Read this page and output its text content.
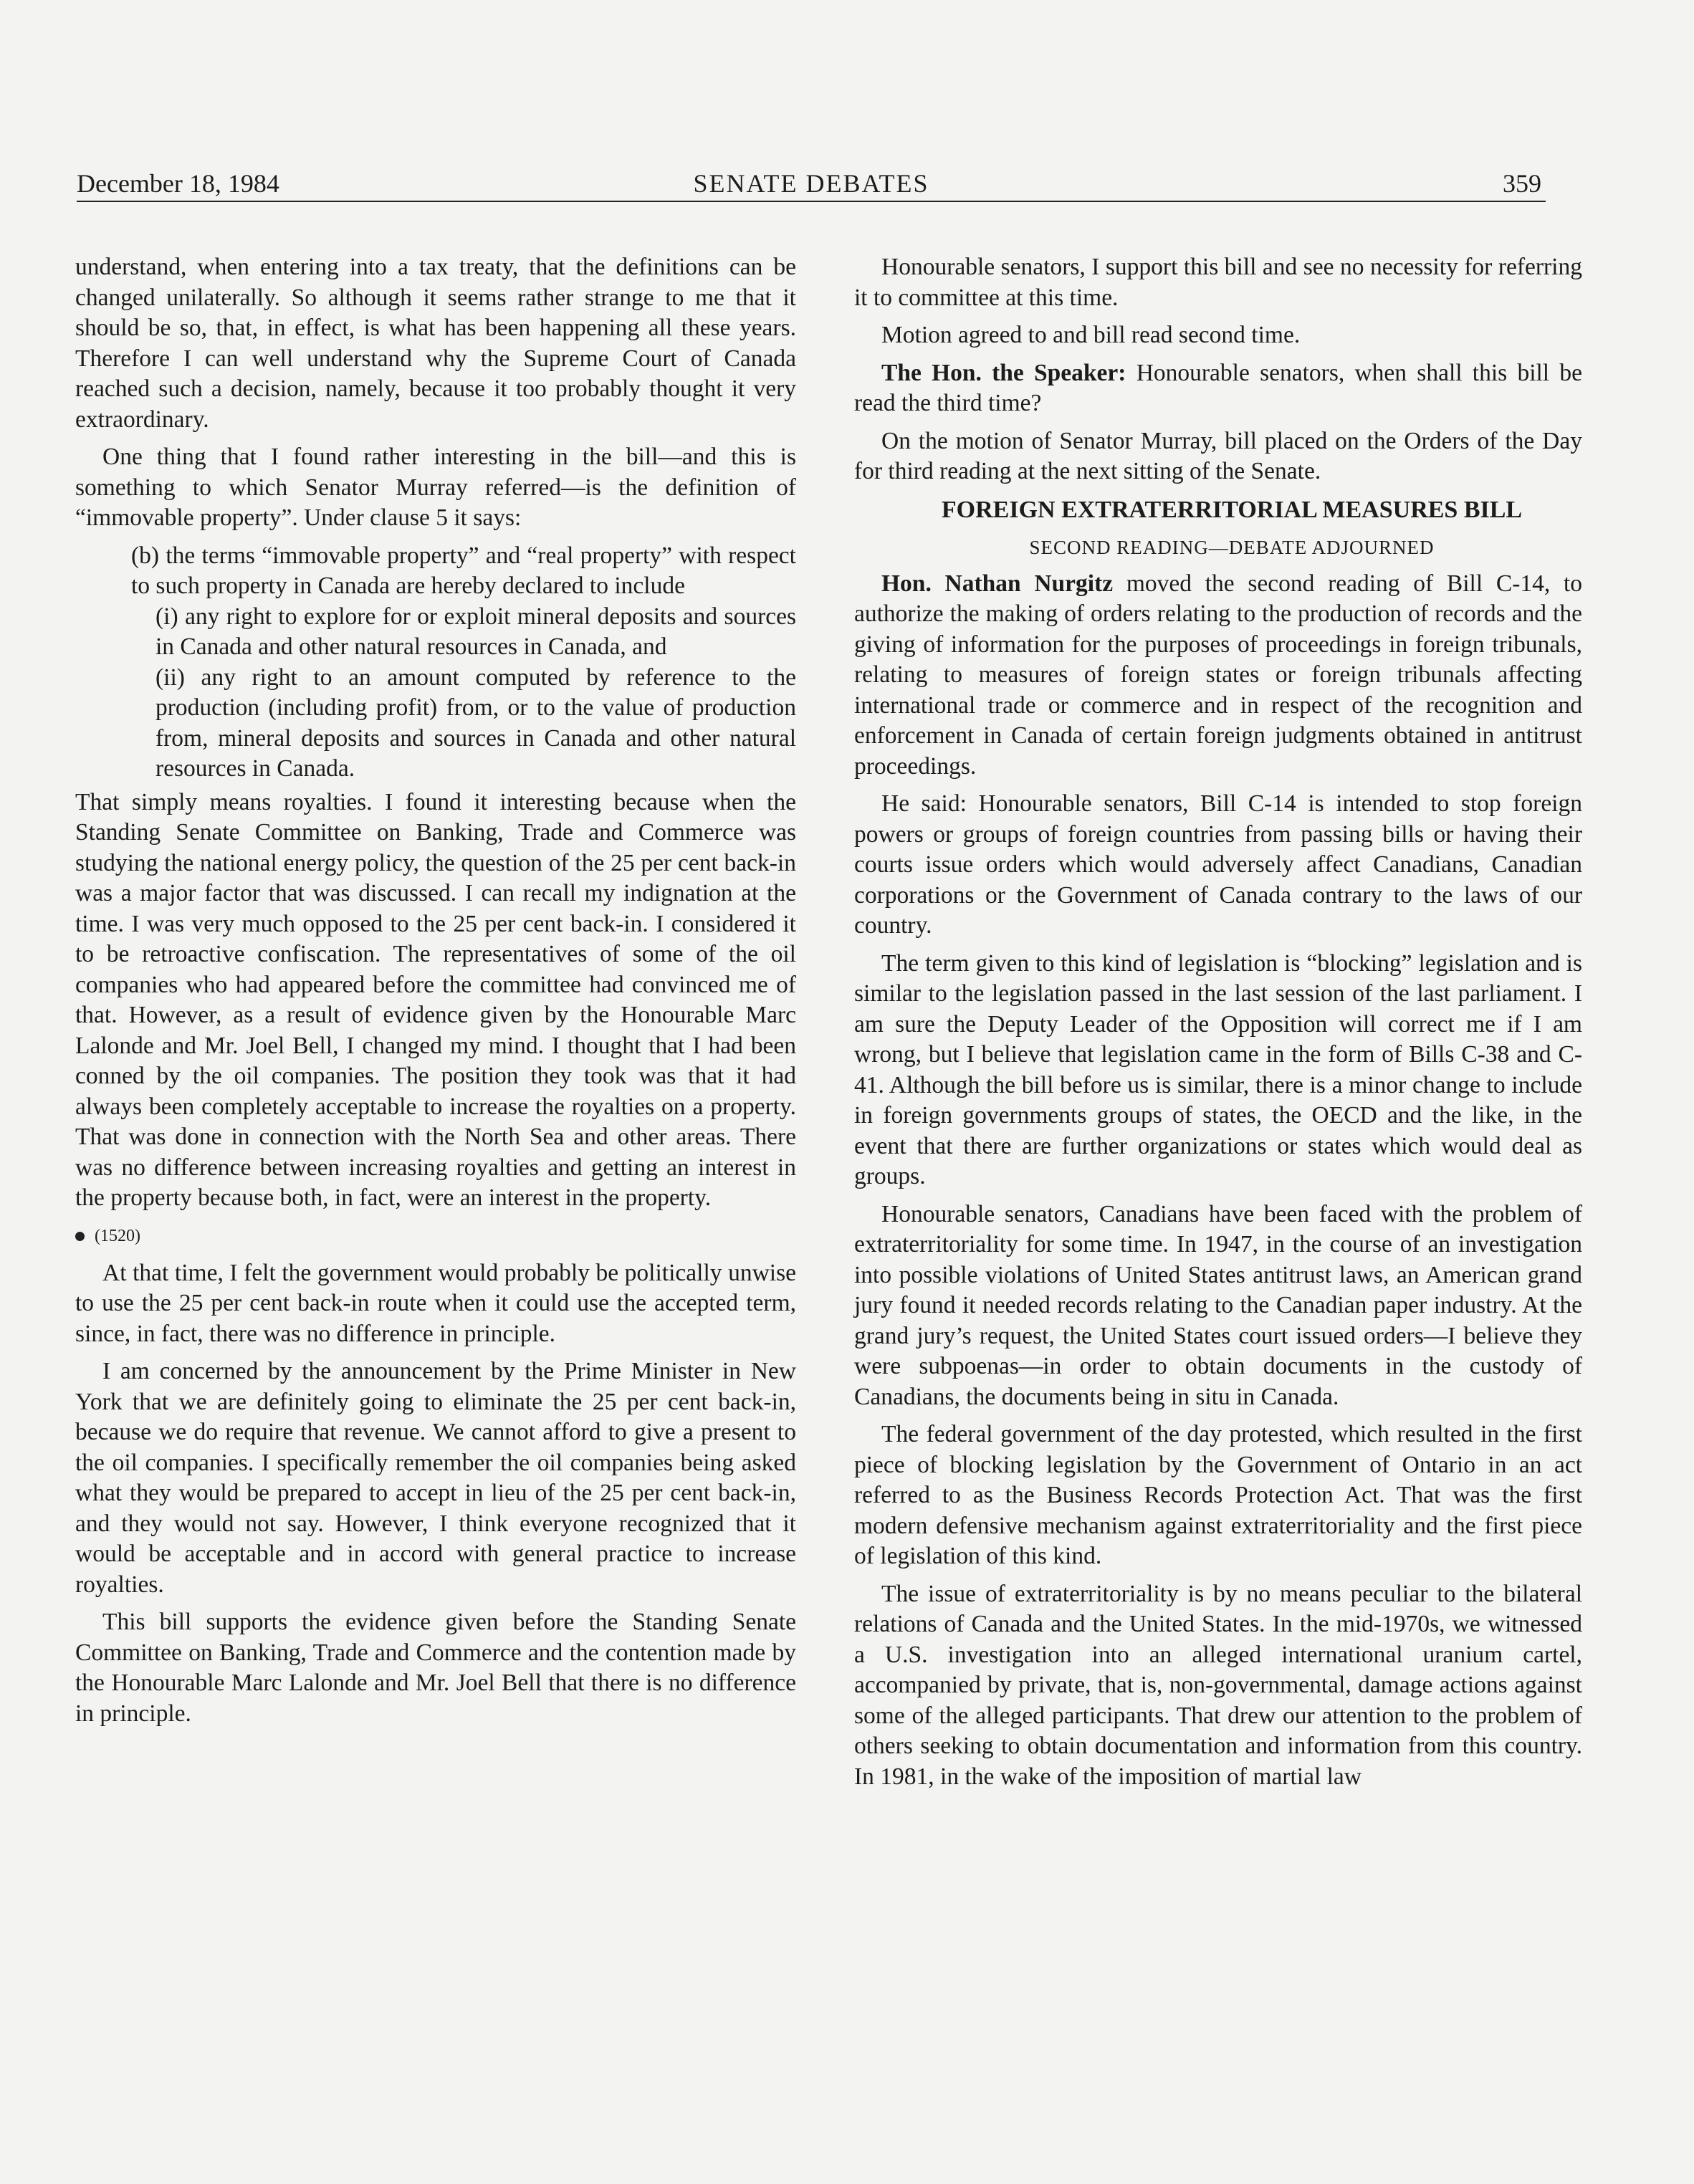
December 18, 1984	SENATE DEBATES	359

understand, when entering into a tax treaty, that the definitions can be changed unilaterally. So although it seems rather strange to me that it should be so, that, in effect, is what has been happening all these years. Therefore I can well understand why the Supreme Court of Canada reached such a decision, namely, because it too probably thought it very extraordinary.

One thing that I found rather interesting in the bill—and this is something to which Senator Murray referred—is the definition of “immovable property”. Under clause 5 it says:

(b) the terms “immovable property” and “real property” with respect to such property in Canada are hereby declared to include

(i) any right to explore for or exploit mineral deposits and sources in Canada and other natural resources in Canada, and

(ii) any right to an amount computed by reference to the production (including profit) from, or to the value of production from, mineral deposits and sources in Canada and other natural resources in Canada.

That simply means royalties. I found it interesting because when the Standing Senate Committee on Banking, Trade and Commerce was studying the national energy policy, the question of the 25 per cent back-in was a major factor that was discussed. I can recall my indignation at the time. I was very much opposed to the 25 per cent back-in. I considered it to be retroactive confiscation. The representatives of some of the oil companies who had appeared before the committee had convinced me of that. However, as a result of evidence given by the Honourable Marc Lalonde and Mr. Joel Bell, I changed my mind. I thought that I had been conned by the oil companies. The position they took was that it had always been completely acceptable to increase the royalties on a property. That was done in connection with the North Sea and other areas. There was no difference between increasing royalties and getting an interest in the property because both, in fact, were an interest in the property.

(1520)

At that time, I felt the government would probably be politically unwise to use the 25 per cent back-in route when it could use the accepted term, since, in fact, there was no difference in principle.

I am concerned by the announcement by the Prime Minister in New York that we are definitely going to eliminate the 25 per cent back-in, because we do require that revenue. We cannot afford to give a present to the oil companies. I specifically remember the oil companies being asked what they would be prepared to accept in lieu of the 25 per cent back-in, and they would not say. However, I think everyone recognized that it would be acceptable and in accord with general practice to increase royalties.

This bill supports the evidence given before the Standing Senate Committee on Banking, Trade and Commerce and the contention made by the Honourable Marc Lalonde and Mr. Joel Bell that there is no difference in principle.

Honourable senators, I support this bill and see no necessity for referring it to committee at this time.

Motion agreed to and bill read second time.

The Hon. the Speaker: Honourable senators, when shall this bill be read the third time?

On the motion of Senator Murray, bill placed on the Orders of the Day for third reading at the next sitting of the Senate.

FOREIGN EXTRATERRITORIAL MEASURES BILL

SECOND READING—DEBATE ADJOURNED

Hon. Nathan Nurgitz moved the second reading of Bill C-14, to authorize the making of orders relating to the production of records and the giving of information for the purposes of proceedings in foreign tribunals, relating to measures of foreign states or foreign tribunals affecting international trade or commerce and in respect of the recognition and enforcement in Canada of certain foreign judgments obtained in antitrust proceedings.

He said: Honourable senators, Bill C-14 is intended to stop foreign powers or groups of foreign countries from passing bills or having their courts issue orders which would adversely affect Canadians, Canadian corporations or the Government of Canada contrary to the laws of our country.

The term given to this kind of legislation is “blocking” legislation and is similar to the legislation passed in the last session of the last parliament. I am sure the Deputy Leader of the Opposition will correct me if I am wrong, but I believe that legislation came in the form of Bills C-38 and C-41. Although the bill before us is similar, there is a minor change to include in foreign governments groups of states, the OECD and the like, in the event that there are further organizations or states which would deal as groups.

Honourable senators, Canadians have been faced with the problem of extraterritoriality for some time. In 1947, in the course of an investigation into possible violations of United States antitrust laws, an American grand jury found it needed records relating to the Canadian paper industry. At the grand jury’s request, the United States court issued orders—I believe they were subpoenas—in order to obtain documents in the custody of Canadians, the documents being in situ in Canada.

The federal government of the day protested, which resulted in the first piece of blocking legislation by the Government of Ontario in an act referred to as the Business Records Protection Act. That was the first modern defensive mechanism against extraterritoriality and the first piece of legislation of this kind.

The issue of extraterritoriality is by no means peculiar to the bilateral relations of Canada and the United States. In the mid-1970s, we witnessed a U.S. investigation into an alleged international uranium cartel, accompanied by private, that is, non-governmental, damage actions against some of the alleged participants. That drew our attention to the problem of others seeking to obtain documentation and information from this country. In 1981, in the wake of the imposition of martial law
